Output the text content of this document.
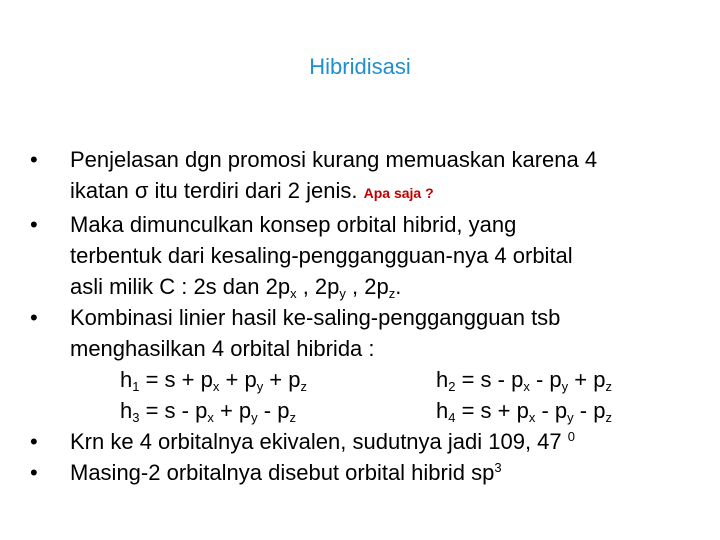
Hibridisasi
•	Penjelasan dgn promosi kurang memuaskan karena 4
ikatan σ itu terdiri dari 2 jenis. Apa saja ?
•	Maka dimunculkan konsep orbital hibrid, yang
terbentuk dari kesaling-penggangguan-nya 4 orbital
asli milik C : 2s dan $2p_x$ , $2p_y$ , $2p_z$.
•	Kombinasi linier hasil ke-saling-penggangguan tsb
menghasilkan 4 orbital hibrida :
$h_1 = s + p_x + p_y + p_z$	$h_2 = s - p_x - p_y + p_z$
$h_3 = s - p_x + p_y - p_z$	$h_4 = s + p_x - p_y - p_z$
•	Krn ke 4 orbitalnya ekivalen, sudutnya jadi 109, 47 $^0$
•	Masing-2 orbitalnya disebut orbital hibrid $sp^3$
